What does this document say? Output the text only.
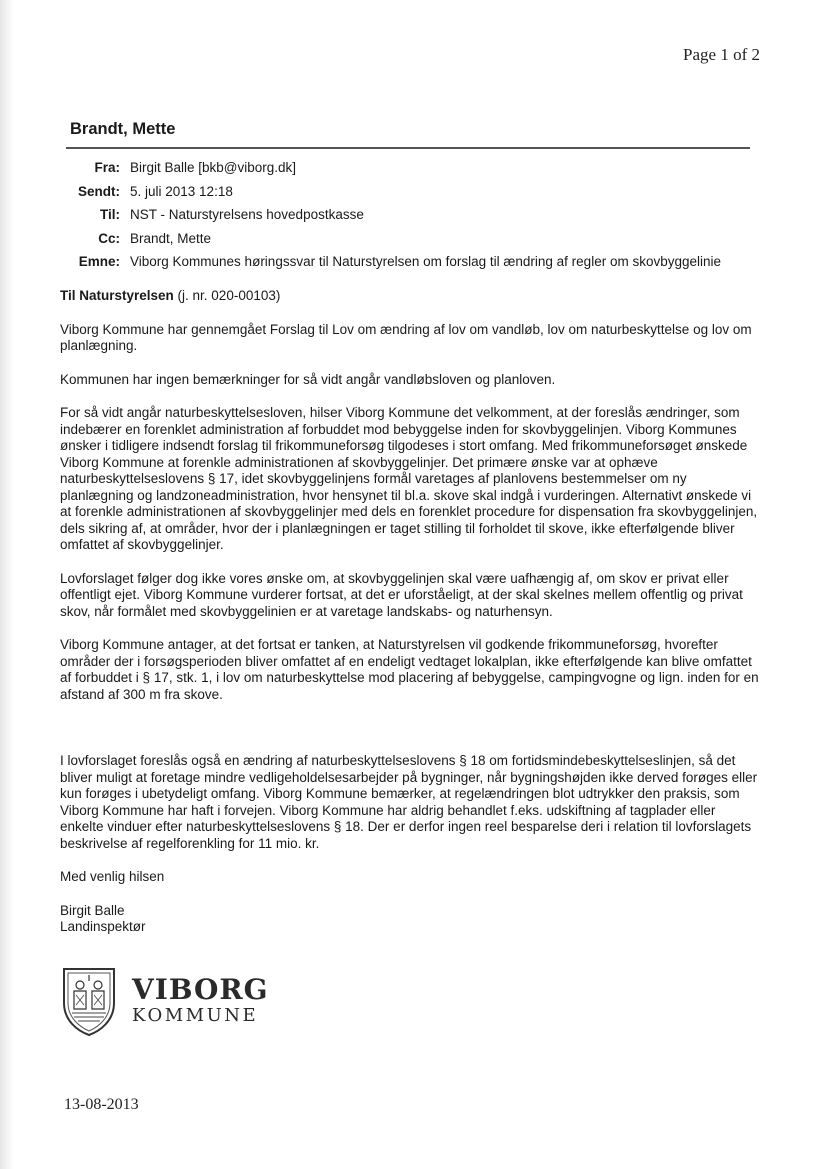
Page 1 of 2
Brandt, Mette
Fra: Birgit Balle [bkb@viborg.dk]
Sendt: 5. juli 2013 12:18
Til: NST - Naturstyrelsens hovedpostkasse
Cc: Brandt, Mette
Emne: Viborg Kommunes høringssvar til Naturstyrelsen om forslag til ændring af regler om skovbyggelinie

Til Naturstyrelsen (j. nr. 020-00103)

Viborg Kommune har gennemgået Forslag til Lov om ændring af lov om vandløb, lov om naturbeskyttelse og lov om planlægning.

Kommunen har ingen bemærkninger for så vidt angår vandløbsloven og planloven.

For så vidt angår naturbeskyttelsesloven, hilser Viborg Kommune det velkomment, at der foreslås ændringer, som indebærer en forenklet administration af forbuddet mod bebyggelse inden for skovbyggelinjen. Viborg Kommunes ønsker i tidligere indsendt forslag til frikommuneforsøg tilgodeses i stort omfang. Med frikommuneforsøget ønskede Viborg Kommune at forenkle administrationen af skovbyggelinjer. Det primære ønske var at ophæve naturbeskyttelseslovens § 17, idet skovbyggelinjens formål varetages af planlovens bestemmelser om ny planlægning og landzoneadministration, hvor hensynet til bl.a. skove skal indgå i vurderingen. Alternativt ønskede vi at forenkle administrationen af skovbyggelinjer med dels en forenklet procedure for dispensation fra skovbyggelinjen, dels sikring af, at områder, hvor der i planlægningen er taget stilling til forholdet til skove, ikke efterfølgende bliver omfattet af skovbyggelinjer.

Lovforslaget følger dog ikke vores ønske om, at skovbyggelinjen skal være uafhængig af, om skov er privat eller offentligt ejet. Viborg Kommune vurderer fortsat, at det er uforståeligt, at der skal skelnes mellem offentlig og privat skov, når formålet med skovbyggelinien er at varetage landskabs- og naturhensyn.

Viborg Kommune antager, at det fortsat er tanken, at Naturstyrelsen vil godkende frikommuneforsøg, hvorefter områder der i forsøgsperioden bliver omfattet af en endeligt vedtaget lokalplan, ikke efterfølgende kan blive omfattet af forbuddet i § 17, stk. 1, i lov om naturbeskyttelse mod placering af bebyggelse, campingvogne og lign. inden for en afstand af 300 m fra skove.

I lovforslaget foreslås også en ændring af naturbeskyttelseslovens § 18 om fortidsmindebeskyttelseslinjen, så det bliver muligt at foretage mindre vedligeholdelsesarbejder på bygninger, når bygningshøjden ikke derved forøges eller kun forøges i ubetydeligt omfang. Viborg Kommune bemærker, at regelændringen blot udtrykker den praksis, som Viborg Kommune har haft i forvejen. Viborg Kommune har aldrig behandlet f.eks. udskiftning af tagplader eller enkelte vinduer efter naturbeskyttelseslovens § 18. Der er derfor ingen reel besparelse deri i relation til lovforslagets beskrivelse af regelforenkling for 11 mio. kr.

Med venlig hilsen

Birgit Balle

Landinspektør

VIBORG
KOMMUNE
13-08-2013
